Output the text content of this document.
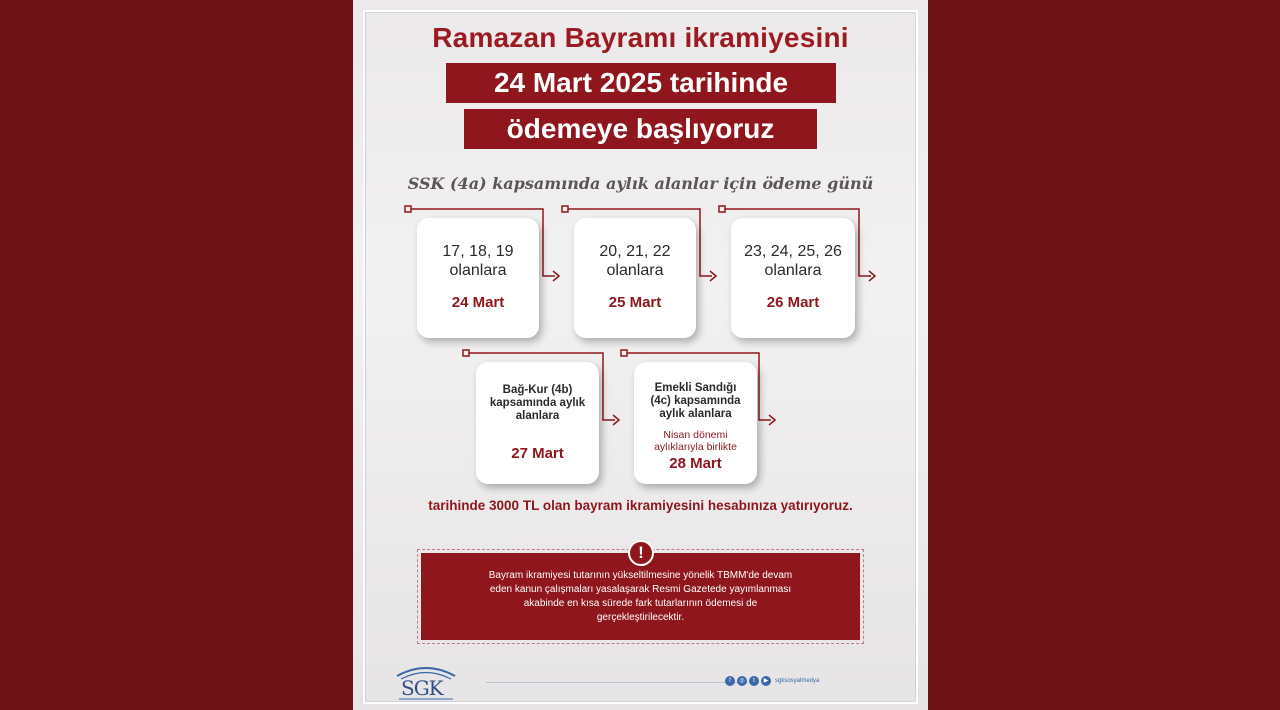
Ramazan Bayramı ikramiyesini
24 Mart 2025 tarihinde
ödemeye başlıyoruz
SSK (4a) kapsamında aylık alanlar için ödeme günü
17, 18, 19
olanlara
24 Mart
20, 21, 22
olanlara
25 Mart
23, 24, 25, 26
olanlara
26 Mart
Bağ-Kur (4b)
kapsamında aylık
alanlara
27 Mart
Emekli Sandığı
(4c) kapsamında
aylık alanlara
Nisan dönemi
aylıklarıyla birlikte
28 Mart
tarihinde 3000 TL olan bayram ikramiyesini hesabınıza yatırıyoruz.
Bayram ikramiyesi tutarının yükseltilmesine yönelik TBMM'de devam
eden kanun çalışmaları yasalaşarak Resmi Gazetede yayımlanması
akabinde en kısa sürede fark tutarlarının ödemesi de
gerçekleştirilecektir.
!
SGK	f	◎	t	▶	sgksosyalmedya
